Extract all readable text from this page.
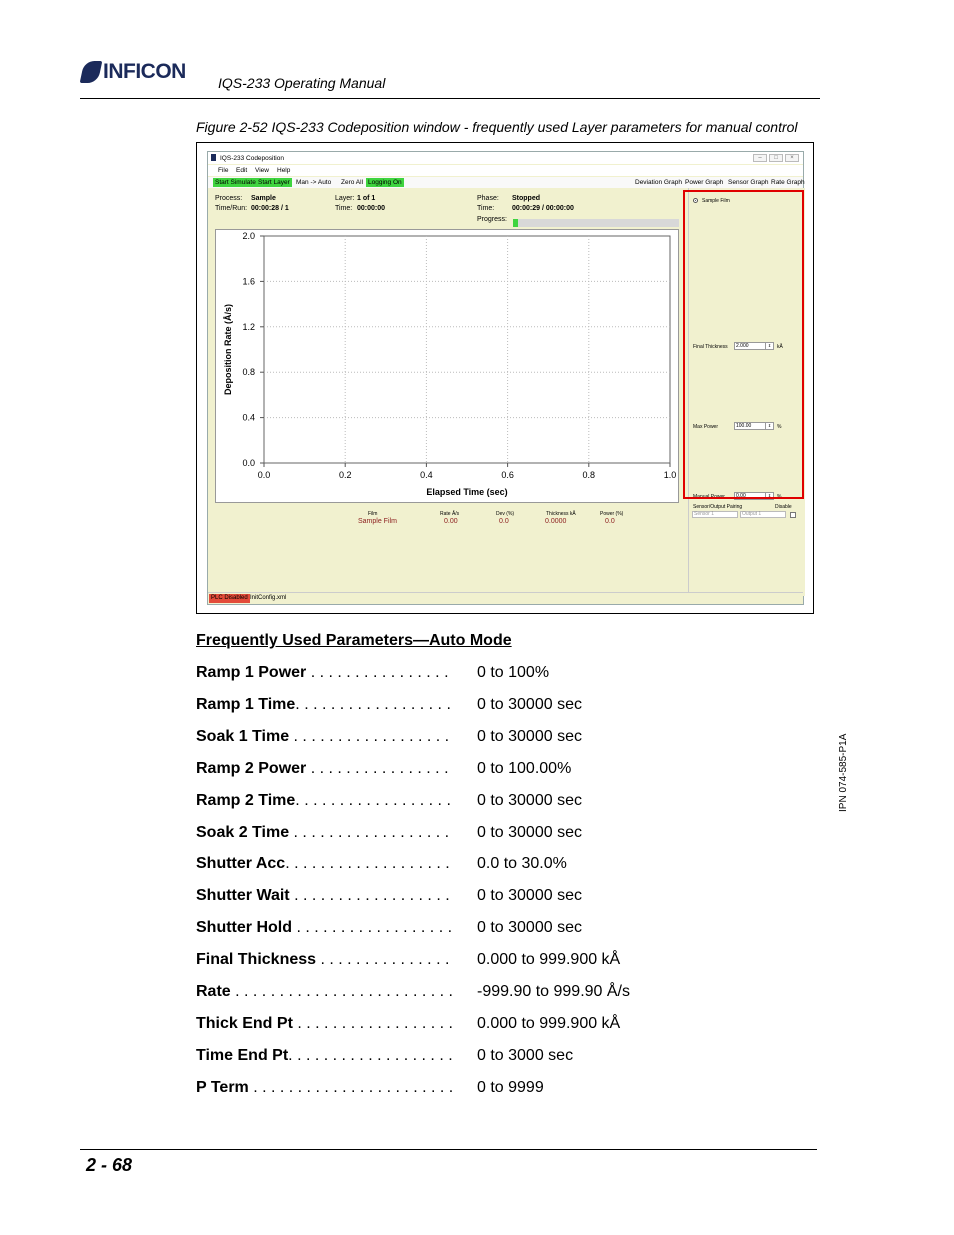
INFICON IQS-233 Operating Manual
Figure 2-52 IQS-233 Codeposition window - frequently used Layer parameters for manual control
IQS-233 Codeposition	–	□	×
File Edit View Help
Start Simulate Start Layer Man -> Auto	Zero All Logging On	Deviation Graph Power Graph Sensor Graph Rate Graph
Process: Sample
Time/Run: 00:00:28 / 1
Layer: 1 of 1
Time: 00:00:00
Phase: Stopped
Time:	00:00:29 / 00:00:00
Progress:
0.0	0.2	0.4	0.6	0.8	1.0
0.0
0.4
0.8
1.2
1.6
2.0
Elapsed Time (sec)
Deposition Rate (Å/s)
Film	Rate Å/s	Dev (%)	Thickness kÅ	Power (%)
Sample Film	0.00	0.0	0.0000	0.0
Sample Film
Final Thickness 2.000	⇕	kÅ
Max Power	100.00	⇕	%
Manual Power 0.00	⇕	%
Sensor/Output Pairing	Disable
Sensor 1	Output 1
PLC Disabled InitConfig.xml
Frequently Used Parameters—Auto Mode
Ramp 1 Power . . . . . . . . . . . . . . . . 0 to 100%
Ramp 1 Time. . . . . . . . . . . . . . . . . . 0 to 30000 sec
Soak 1 Time . . . . . . . . . . . . . . . . . . 0 to 30000 sec
Ramp 2 Power . . . . . . . . . . . . . . . . 0 to 100.00%
Ramp 2 Time. . . . . . . . . . . . . . . . . . 0 to 30000 sec
Soak 2 Time . . . . . . . . . . . . . . . . . . 0 to 30000 sec
Shutter Acc. . . . . . . . . . . . . . . . . . . 0.0 to 30.0%
Shutter Wait . . . . . . . . . . . . . . . . . . 0 to 30000 sec
Shutter Hold . . . . . . . . . . . . . . . . . . 0 to 30000 sec
Final Thickness . . . . . . . . . . . . . . . 0.000 to 999.900 kÅ
Rate . . . . . . . . . . . . . . . . . . . . . . . . . -999.90 to 999.90 Å/s
Thick End Pt . . . . . . . . . . . . . . . . . . 0.000 to 999.900 kÅ
Time End Pt. . . . . . . . . . . . . . . . . . . 0 to 3000 sec
P Term . . . . . . . . . . . . . . . . . . . . . . . 0 to 9999
IPN 074-585-P1A
2 - 68
